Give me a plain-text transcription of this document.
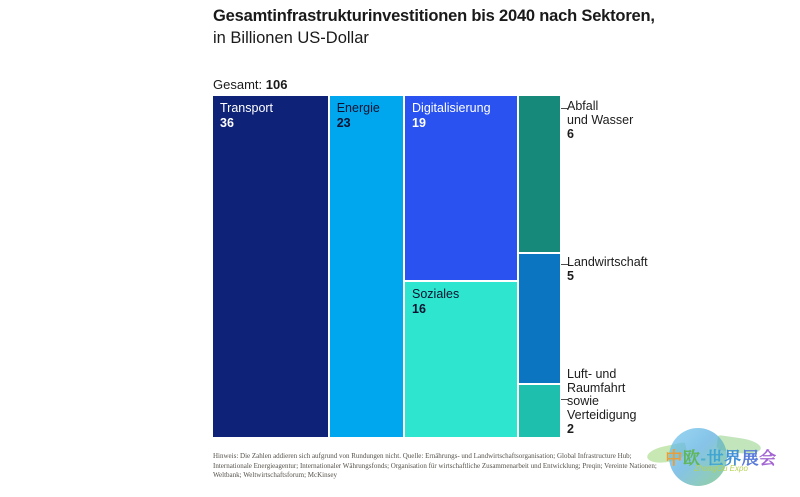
Gesamtinfrastrukturinvestitionen bis 2040 nach Sektoren,
in Billionen US-Dollar
Gesamt: 106
Transport
36
Energie
23
Digitalisierung
19
Soziales
16
Abfall
und Wasser
6
Landwirtschaft
5
Luft- und
Raumfahrt
sowie
Verteidigung
2
Hinweis: Die Zahlen addieren sich aufgrund von Rundungen nicht. Quelle: Ernährungs- und Landwirtschaftsorganisation; Global Infrastructure Hub; Internationale Energieagentur; Internationaler Währungsfonds; Organisation für wirtschaftliche Zusammenarbeit und Entwicklung; Preqin; Vereinte Nationen; Weltbank; Weltwirtschaftsforum; McKinsey
中欧-世界展会
ZhongOu Expo
